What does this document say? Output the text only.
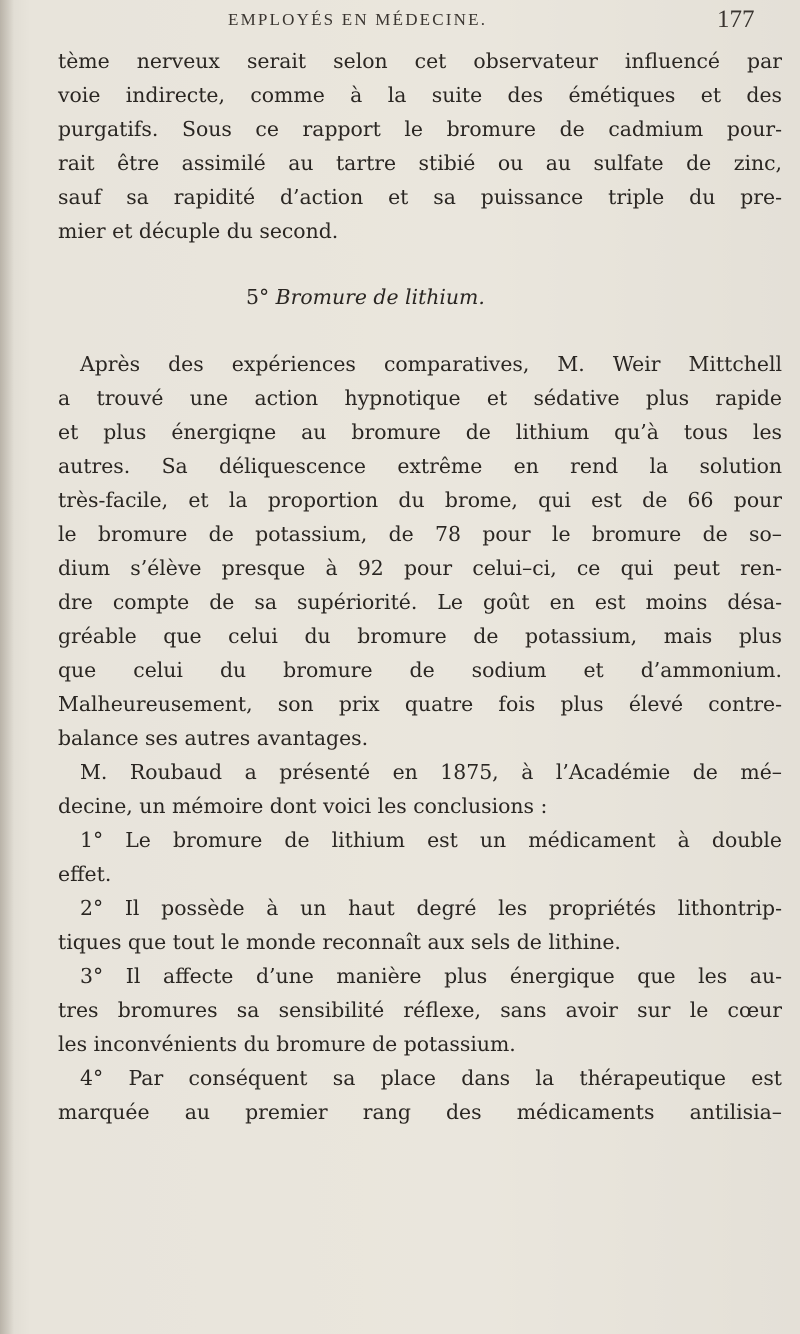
EMPLOYÉS EN MÉDECINE.	177
tème nerveux serait selon cet observateur influencé par
voie indirecte, comme à la suite des émétiques et des
purgatifs. Sous ce rapport le bromure de cadmium pour-
rait être assimilé au tartre stibié ou au sulfate de zinc,
sauf sa rapidité d’action et sa puissance triple du pre-
mier et décuple du second.
5° Bromure de lithium.
Après des expériences comparatives, M. Weir Mittchell
a trouvé une action hypnotique et sédative plus rapide
et plus énergiqne au bromure de lithium qu’à tous les
autres. Sa déliquescence extrême en rend la solution
très-facile, et la proportion du brome, qui est de 66 pour
le bromure de potassium, de 78 pour le bromure de so–
dium s’élève presque à 92 pour celui–ci, ce qui peut ren-
dre compte de sa supériorité. Le goût en est moins désa-
gréable que celui du bromure de potassium, mais plus
que celui du bromure de sodium et d’ammonium.
Malheureusement, son prix quatre fois plus élevé contre-
balance ses autres avantages.
M. Roubaud a présenté en 1875, à l’Académie de mé–
decine, un mémoire dont voici les conclusions :
1° Le bromure de lithium est un médicament à double
effet.
2° Il possède à un haut degré les propriétés lithontrip-
tiques que tout le monde reconnaît aux sels de lithine.
3° Il affecte d’une manière plus énergique que les au-
tres bromures sa sensibilité réflexe, sans avoir sur le cœur
les inconvénients du bromure de potassium.
4° Par conséquent sa place dans la thérapeutique est
marquée au premier rang des médicaments antilisia–
